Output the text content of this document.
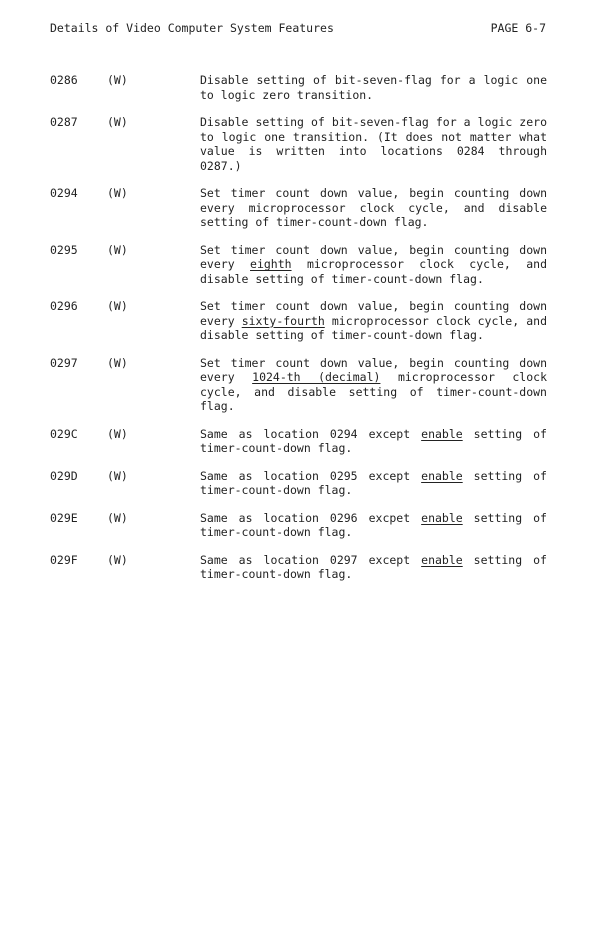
Details of Video Computer System Features	PAGE 6-7
0286	(W)	Disable setting of bit-seven-flag for a logic one to logic zero transition.
0287	(W)	Disable setting of bit-seven-flag for a logic zero to logic one transition. (It does not matter what value is written into locations 0284 through 0287.)
0294	(W)	Set timer count down value, begin counting down every microprocessor clock cycle, and disable setting of timer-count-down flag.
0295	(W)	Set timer count down value, begin counting down every eighth microprocessor clock cycle, and disable setting of timer-count-down flag.
0296	(W)	Set timer count down value, begin counting down every sixty-fourth microprocessor clock cycle, and disable setting of timer-count-down flag.
0297	(W)	Set timer count down value, begin counting down every 1024-th (decimal) microprocessor clock cycle, and disable setting of timer-count-down flag.
029C	(W)	Same as location 0294 except enable setting of timer-count-down flag.
029D	(W)	Same as location 0295 except enable setting of timer-count-down flag.
029E	(W)	Same as location 0296 excpet enable setting of timer-count-down flag.
029F	(W)	Same as location 0297 except enable setting of timer-count-down flag.
